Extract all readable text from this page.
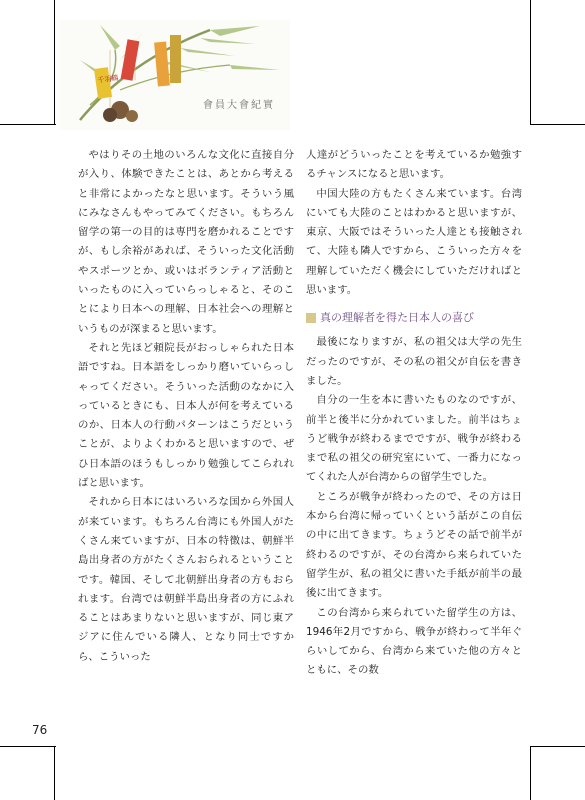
千羽鶴
會員大會紀實

やはりその土地のいろんな文化に直接自分が入り、体験できたことは、あとから考えると非常によかったなと思います。そういう風にみなさんもやってみてください。もちろん留学の第一の目的は専門を磨かれることですが、もし余裕があれば、そういった文化活動やスポーツとか、或いはボランティア活動といったものに入っていらっしゃると、そのことにより日本への理解、日本社会への理解というものが深まると思います。

それと先ほど頼院長がおっしゃられた日本語ですね。日本語をしっかり磨いていらっしゃってください。そういった活動のなかに入っているときにも、日本人が何を考えているのか、日本人の行動パターンはこうだということが、よりよくわかると思いますので、ぜひ日本語のほうもしっかり勉強してこられればと思います。

それから日本にはいろいろな国から外国人が来ています。もちろん台湾にも外国人がたくさん来ていますが、日本の特徴は、朝鮮半島出身者の方がたくさんおられるということです。韓国、そして北朝鮮出身者の方もおられます。台湾では朝鮮半島出身者の方にふれることはあまりないと思いますが、同じ東アジアに住んでいる隣人、となり同士ですから、こういった

人達がどういったことを考えているか勉強するチャンスになると思います。

中国大陸の方もたくさん来ています。台湾にいても大陸のことはわかると思いますが、東京、大阪ではそういった人達とも接触されて、大陸も隣人ですから、こういった方々を理解していただく機会にしていただければと思います。

真の理解者を得た日本人の喜び

最後になりますが、私の祖父は大学の先生だったのですが、その私の祖父が自伝を書きました。

自分の一生を本に書いたものなのですが、前半と後半に分かれていました。前半はちょうど戦争が終わるまでですが、戦争が終わるまで私の祖父の研究室にいて、一番力になってくれた人が台湾からの留学生でした。

ところが戦争が終わったので、その方は日本から台湾に帰っていくという話がこの自伝の中に出てきます。ちょうどその話で前半が終わるのですが、その台湾から来られていた留学生が、私の祖父に書いた手紙が前半の最後に出てきます。

この台湾から来られていた留学生の方は、1946年2月ですから、戦争が終わって半年ぐらいしてから、台湾から来ていた他の方々とともに、その数

76
